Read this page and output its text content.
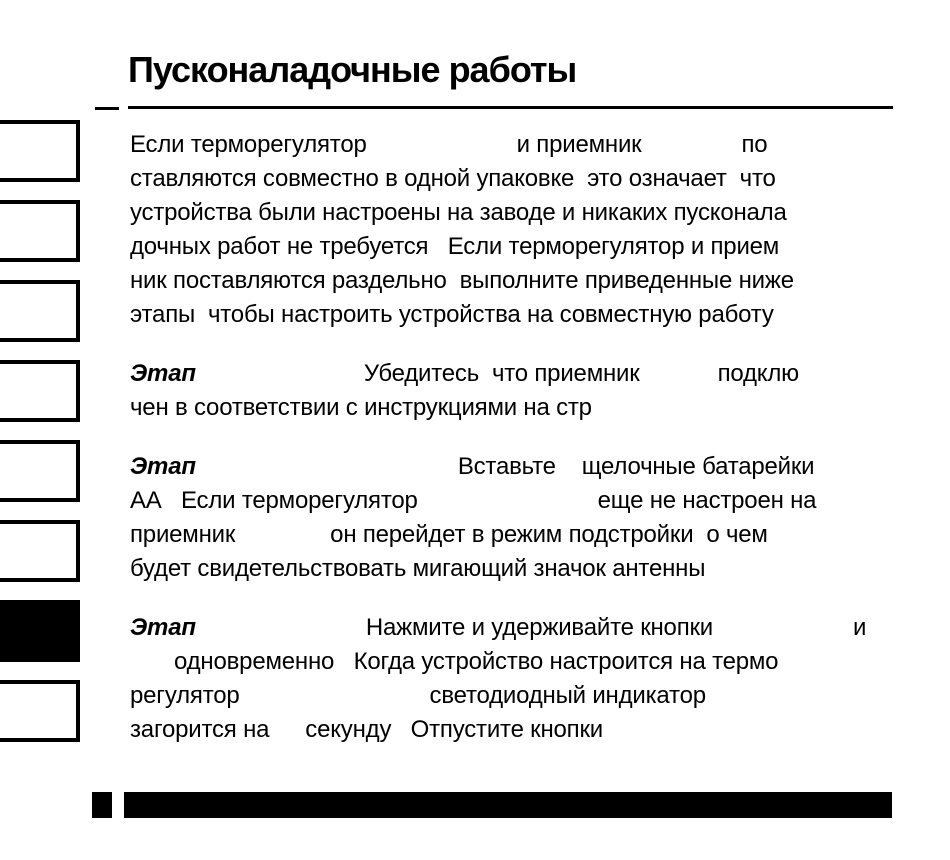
Пусконаладочные работы
Если терморегулятор	и приемник	по
ставляются совместно в одной упаковке  это означает  что
устройства были настроены на заводе и никаких пусконала
дочных работ не требуется   Если терморегулятор и прием
ник поставляются раздельно  выполните приведенные ниже
этапы  чтобы настроить устройства на совместную работу
Этап	Убедитесь  что приемник	подклю
чен в соответствии с инструкциями на стр
Этап	Вставьте щелочные батарейки
АА   Если терморегулятор	еще не настроен на
приемник	он перейдет в режим подстройки  о чем
будет свидетельствовать мигающий значок антенны
Этап	Нажмите и удерживайте кнопки	и
одновременно   Когда устройство настроится на термо
регулятор	светодиодный индикатор
загорится на секунду   Отпустите кнопки
